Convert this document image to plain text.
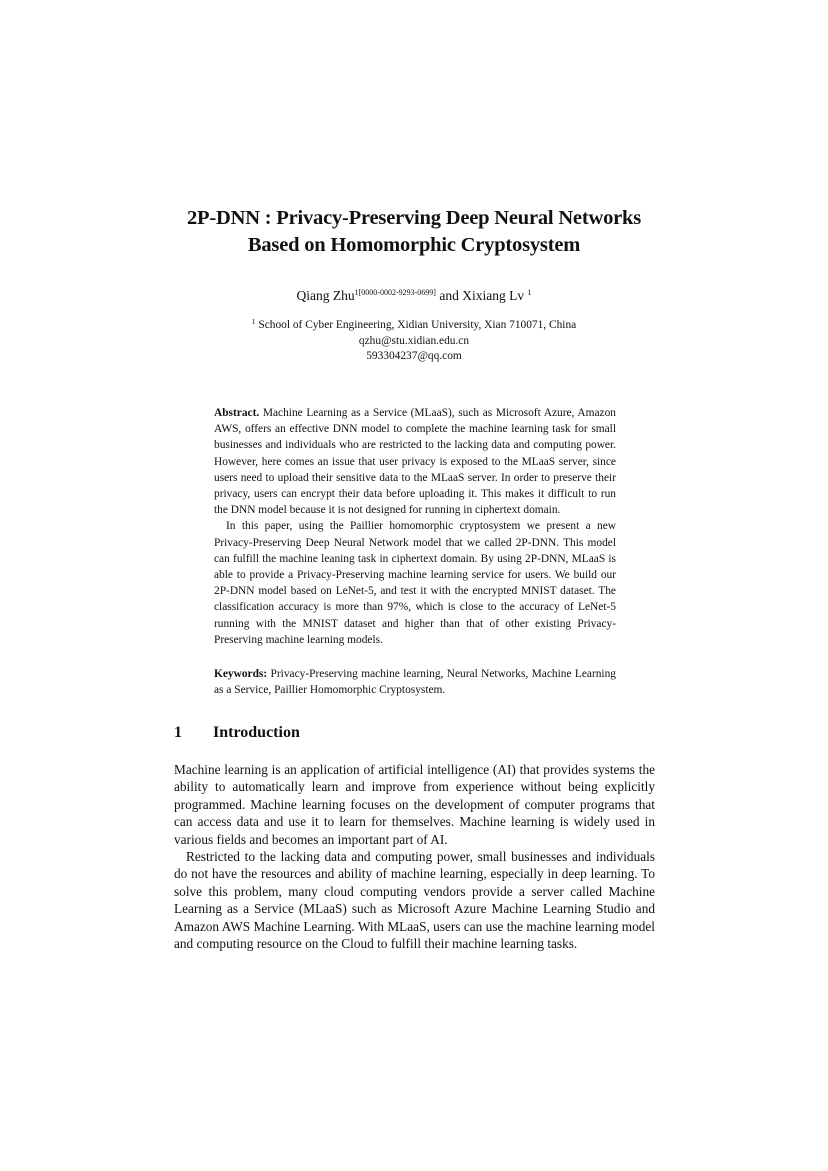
2P-DNN : Privacy-Preserving Deep Neural Networks
Based on Homomorphic Cryptosystem
Qiang Zhu$^{1[0000-0002-9293-0699]}$ and Xixiang Lv $^1$
$^1$ School of Cyber Engineering, Xidian University, Xian 710071, China
qzhu@stu.xidian.edu.cn
593304237@qq.com

Abstract. Machine Learning as a Service (MLaaS), such as Microsoft Azure, Amazon AWS, offers an effective DNN model to complete the machine learning task for small businesses and individuals who are restricted to the lacking data and computing power. However, here comes an issue that user privacy is exposed to the MLaaS server, since users need to upload their sensitive data to the MLaaS server. In order to preserve their privacy, users can encrypt their data before uploading it. This makes it difficult to run the DNN model because it is not designed for running in ciphertext domain.

In this paper, using the Paillier homomorphic cryptosystem we present a new Privacy-Preserving Deep Neural Network model that we called 2P-DNN. This model can fulfill the machine leaning task in ciphertext domain. By using 2P-DNN, MLaaS is able to provide a Privacy-Preserving machine learning service for users. We build our 2P-DNN model based on LeNet-5, and test it with the encrypted MNIST dataset. The classification accuracy is more than 97%, which is close to the accuracy of LeNet-5 running with the MNIST dataset and higher than that of other existing Privacy-Preserving machine learning models.

Keywords: Privacy-Preserving machine learning, Neural Networks, Machine Learning as a Service, Paillier Homomorphic Cryptosystem.
1 Introduction

Machine learning is an application of artificial intelligence (AI) that provides systems the ability to automatically learn and improve from experience without being explicitly programmed. Machine learning focuses on the development of computer programs that can access data and use it to learn for themselves. Machine learning is widely used in various fields and becomes an important part of AI.

Restricted to the lacking data and computing power, small businesses and individuals do not have the resources and ability of machine learning, especially in deep learning. To solve this problem, many cloud computing vendors provide a server called Machine Learning as a Service (MLaaS) such as Microsoft Azure Machine Learning Studio and Amazon AWS Machine Learning. With MLaaS, users can use the machine learning model and computing resource on the Cloud to fulfill their machine learning tasks.
